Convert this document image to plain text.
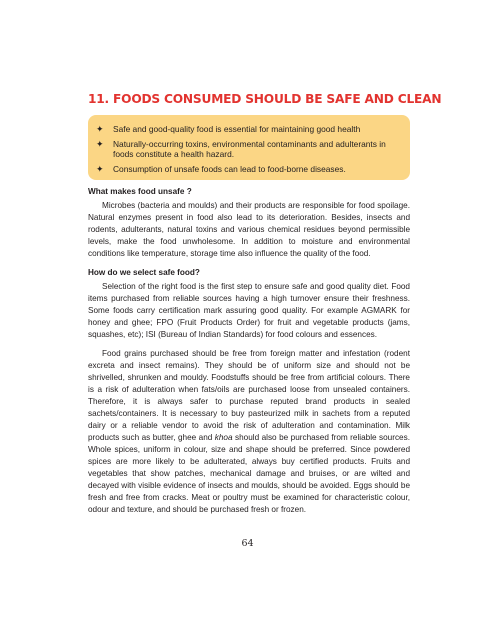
11. FOODS CONSUMED SHOULD BE SAFE AND CLEAN
✦ Safe and good-quality food is essential for maintaining good health
✦ Naturally-occurring toxins, environmental contaminants and adulterants in foods constitute a health hazard.
✦ Consumption of unsafe foods can lead to food-borne diseases.

What makes food unsafe ?

Microbes (bacteria and moulds) and their products are responsible for food spoilage. Natural enzymes present in food also lead to its deterioration. Besides, insects and rodents, adulterants, natural toxins and various chemical residues beyond permissible levels, make the food unwholesome. In addition to moisture and environmental conditions like temperature, storage time also influence the quality of the food.

How do we select safe food?

Selection of the right food is the first step to ensure safe and good quality diet. Food items purchased from reliable sources having a high turnover ensure their freshness. Some foods carry certification mark assuring good quality. For example AGMARK for honey and ghee; FPO (Fruit Products Order) for fruit and vegetable products (jams, squashes, etc); ISI (Bureau of Indian Standards) for food colours and essences.

Food grains purchased should be free from foreign matter and infestation (rodent excreta and insect remains). They should be of uniform size and should not be shrivelled, shrunken and mouldy. Foodstuffs should be free from artificial colours. There is a risk of adulteration when fats/oils are purchased loose from unsealed containers. Therefore, it is always safer to purchase reputed brand products in sealed sachets/containers. It is necessary to buy pasteurized milk in sachets from a reputed dairy or a reliable vendor to avoid the risk of adulteration and contamination. Milk products such as butter, ghee and khoa should also be purchased from reliable sources. Whole spices, uniform in colour, size and shape should be preferred. Since powdered spices are more likely to be adulterated, always buy certified products. Fruits and vegetables that show patches, mechanical damage and bruises, or are wilted and decayed with visible evidence of insects and moulds, should be avoided. Eggs should be fresh and free from cracks. Meat or poultry must be examined for characteristic colour, odour and texture, and should be purchased fresh or frozen.

64
